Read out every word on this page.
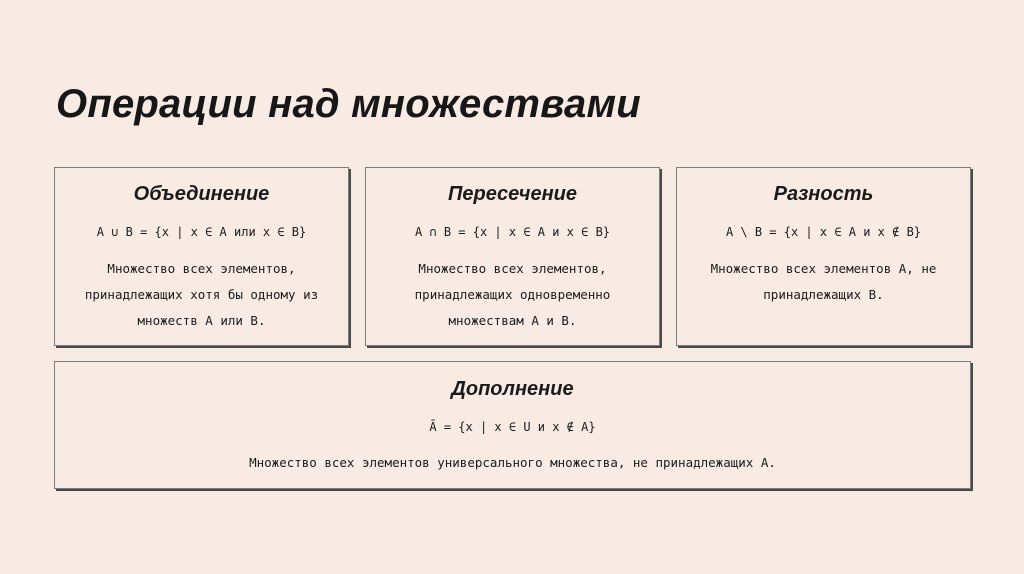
Операции над множествами
Объединение
A ∪ B = {x | x ∈ A или x ∈ B}
Множество всех элементов,
принадлежащих хотя бы одному из
множеств A или B.
Пересечение
A ∩ B = {x | x ∈ A и x ∈ B}
Множество всех элементов,
принадлежащих одновременно
множествам A и B.
Разность
A \ B = {x | x ∈ A и x ∉ B}
Множество всех элементов A, не
принадлежащих B.
Дополнение
Ā = {x | x ∈ U и x ∉ A}
Множество всех элементов универсального множества, не принадлежащих A.
